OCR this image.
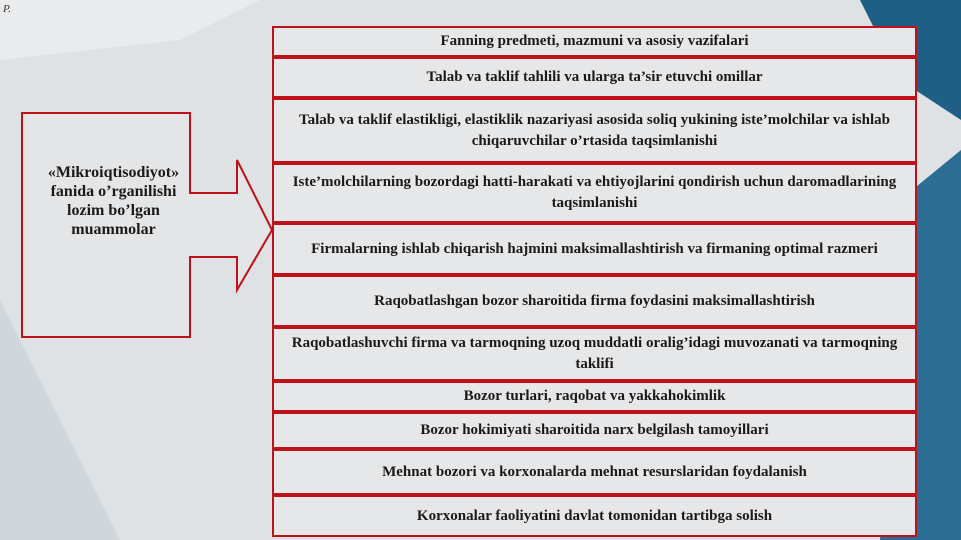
P.
«Mikroiqtisodiyot»
fanida o’rganilishi
lozim bo’lgan
muammolar
Fanning predmeti, mazmuni va asosiy vazifalari
Talab va taklif tahlili va ularga ta’sir etuvchi omillar
Talab va taklif elastikligi, elastiklik nazariyasi asosida soliq yukining iste’molchilar va ishlab chiqaruvchilar o’rtasida taqsimlanishi
Iste’molchilarning bozordagi hatti-harakati va ehtiyojlarini qondirish uchun daromadlarining taqsimlanishi
Firmalarning ishlab chiqarish hajmini maksimallashtirish va firmaning optimal razmeri
Raqobatlashgan bozor sharoitida firma foydasini maksimallashtirish
Raqobatlashuvchi firma va tarmoqning uzoq muddatli oralig’idagi muvozanati va tarmoqning taklifi
Bozor turlari, raqobat va yakkahokimlik
Bozor hokimiyati sharoitida narx belgilash tamoyillari
Mehnat bozori va korxonalarda mehnat resurslaridan foydalanish
Korxonalar faoliyatini davlat tomonidan tartibga solish
